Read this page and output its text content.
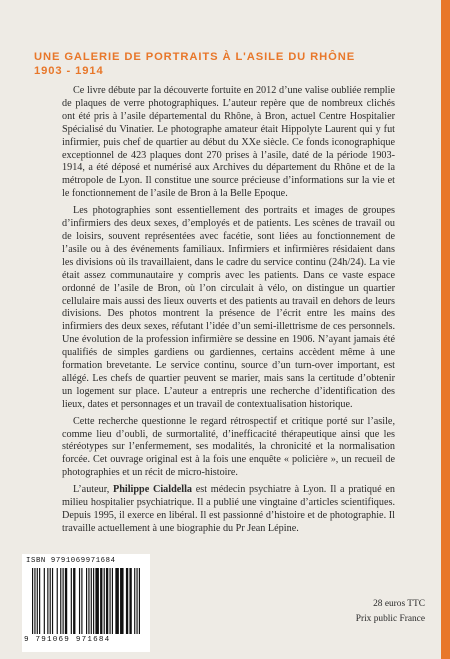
UNE GALERIE DE PORTRAITS À L'ASILE DU RHÔNE
1903 - 1914

Ce livre débute par la découverte fortuite en 2012 d’une valise oubliée remplie de plaques de verre photographiques. L’auteur repère que de nombreux clichés ont été pris à l’asile départemental du Rhône, à Bron, actuel Centre Hospitalier Spécialisé du Vinatier. Le photographe amateur était Hippolyte Laurent qui y fut infirmier, puis chef de quartier au début du XXe siècle. Ce fonds iconographique exceptionnel de 423 plaques dont 270 prises à l’asile, daté de la période 1903-1914, a été déposé et numérisé aux Archives du département du Rhône et de la métropole de Lyon. Il constitue une source précieuse d’informations sur la vie et le fonctionnement de l’asile de Bron à la Belle Epoque.

Les photographies sont essentiellement des portraits et images de groupes d’infirmiers des deux sexes, d’employés et de patients. Les scènes de travail ou de loisirs, souvent représentées avec facétie, sont liées au fonctionnement de l’asile ou à des événements familiaux. Infirmiers et infirmières résidaient dans les divisions où ils travaillaient, dans le cadre du service continu (24h/24). La vie était assez communautaire y compris avec les patients. Dans ce vaste espace ordonné de l’asile de Bron, où l’on circulait à vélo, on distingue un quartier cellulaire mais aussi des lieux ouverts et des patients au travail en dehors de leurs divisions. Des photos montrent la présence de l’écrit entre les mains des infirmiers des deux sexes, réfutant l’idée d’un semi-illettrisme de ces personnels. Une évolution de la profession infirmière se dessine en 1906. N’ayant jamais été qualifiés de simples gardiens ou gardiennes, certains accèdent même à une formation brevetante. Le service continu, source d’un turn-over important, est allégé. Les chefs de quartier peuvent se marier, mais sans la certitude d’obtenir un logement sur place. L’auteur a entrepris une recherche d’identification des lieux, dates et personnages et un travail de contextualisation historique.

Cette recherche questionne le regard rétrospectif et critique porté sur l’asile, comme lieu d’oubli, de surmortalité, d’inefficacité thérapeutique ainsi que les stéréotypes sur l’enfermement, ses modalités, la chronicité et la normalisation forcée. Cet ouvrage original est à la fois une enquête « policière », un recueil de photographies et un récit de micro-histoire.

L’auteur, Philippe Cialdella est médecin psychiatre à Lyon. Il a pratiqué en milieu hospitalier psychiatrique. Il a publié une vingtaine d’articles scientifiques. Depuis 1995, il exerce en libéral. Il est passionné d’histoire et de photographie. Il travaille actuellement à une biographie du Pr Jean Lépine.

ISBN 9791069971684
9 791069 971684
28 euros TTC
Prix public France
